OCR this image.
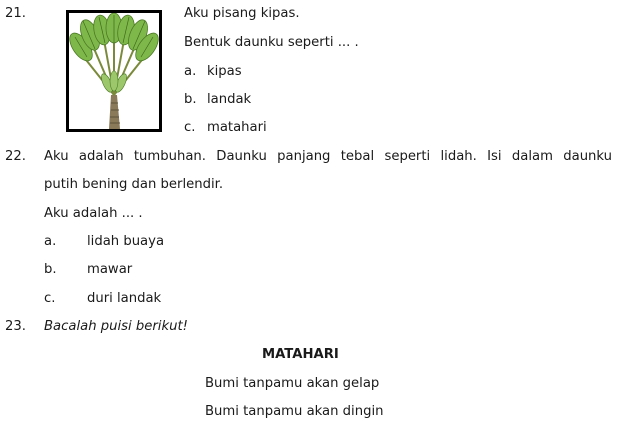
21.	Aku pisang kipas.
Bentuk daunku seperti ... .
a. kipas
b. landak
c. matahari
22. Aku adalah tumbuhan. Daunku panjang tebal seperti lidah. Isi dalam daunku
putih bening dan berlendir.
Aku adalah ... .
a. lidah buaya
b. mawar
c. duri landak
23. Bacalah puisi berikut!
MATAHARI
Bumi tanpamu akan gelap
Bumi tanpamu akan dingin
